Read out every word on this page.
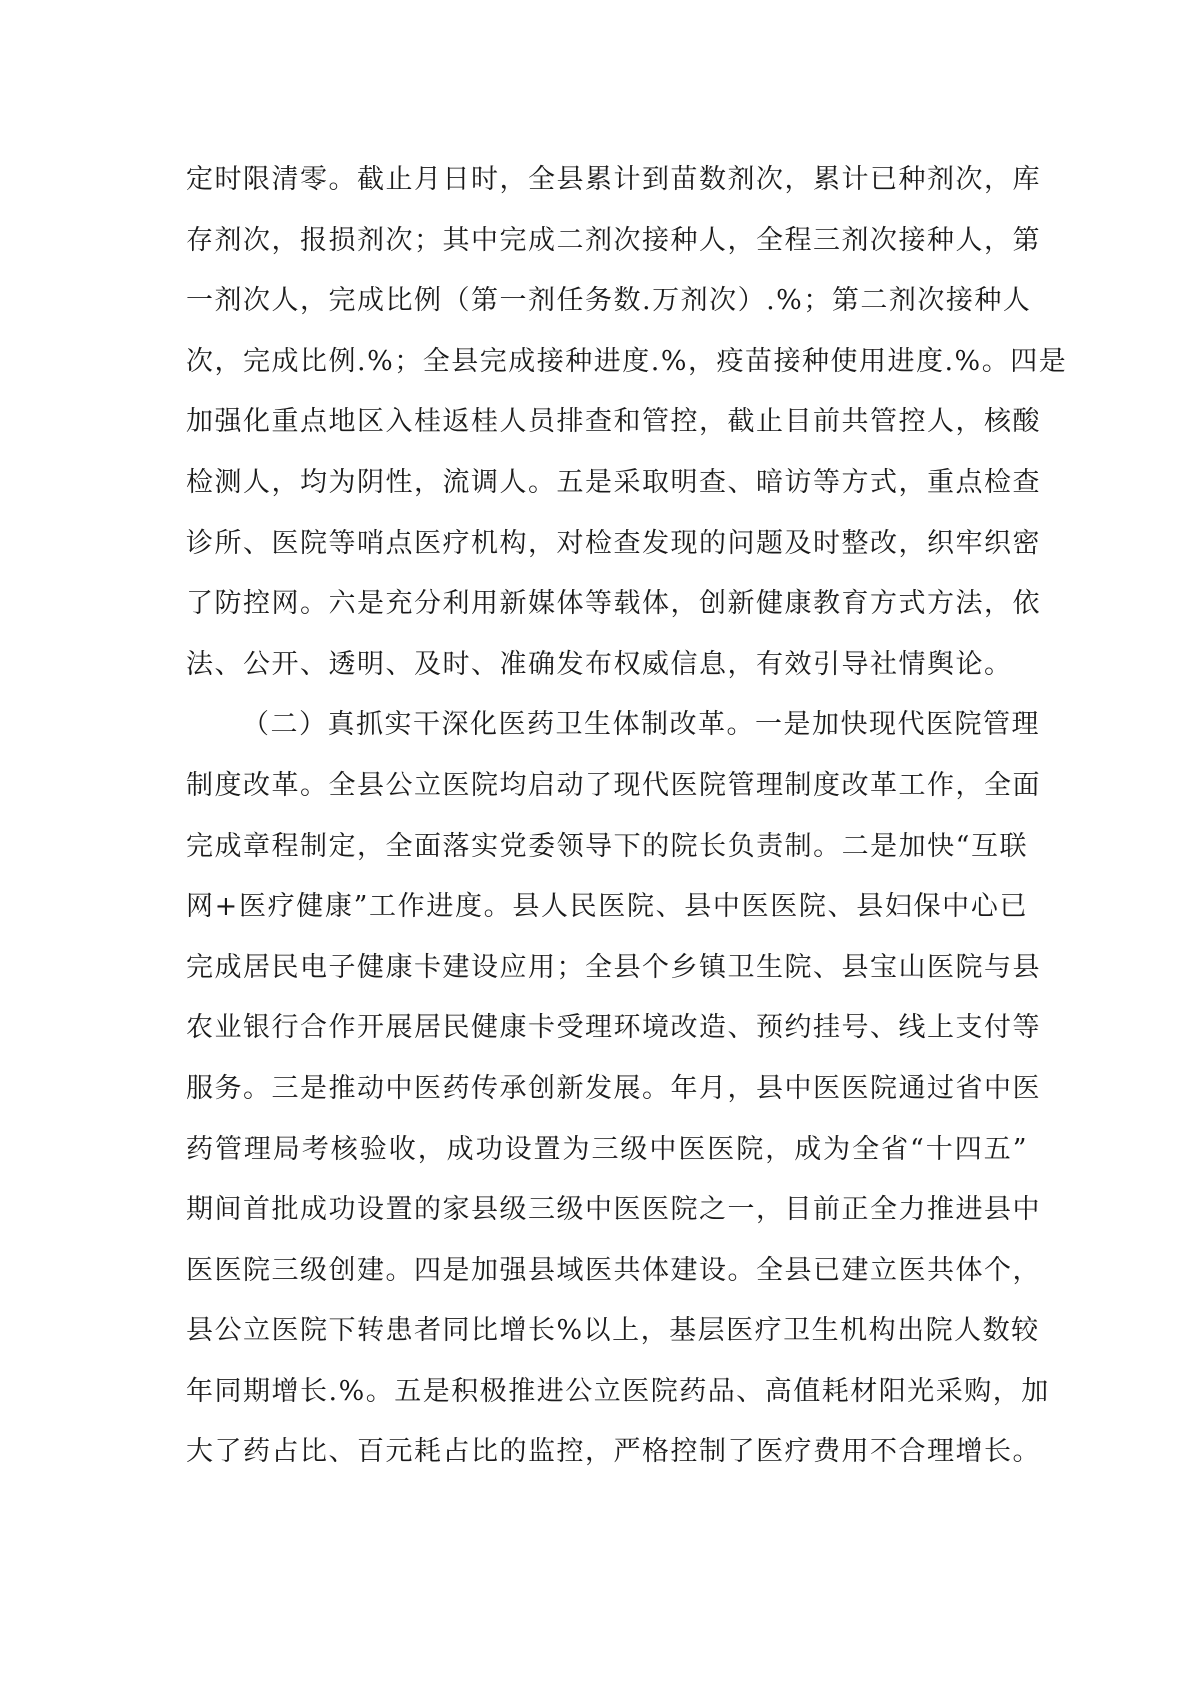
定时限清零。截止月日时，全县累计到苗数剂次，累计已种剂次，库
存剂次，报损剂次；其中完成二剂次接种人，全程三剂次接种人，第
一剂次人，完成比例（第一剂任务数.万剂次）.%；第二剂次接种人
次，完成比例.%；全县完成接种进度.%，疫苗接种使用进度.%。四是
加强化重点地区入桂返桂人员排查和管控，截止目前共管控人，核酸
检测人，均为阴性，流调人。五是采取明查、暗访等方式，重点检查
诊所、医院等哨点医疗机构，对检查发现的问题及时整改，织牢织密
了防控网。六是充分利用新媒体等载体，创新健康教育方式方法，依
法、公开、透明、及时、准确发布权威信息，有效引导社情舆论。
（二）真抓实干深化医药卫生体制改革。一是加快现代医院管理
制度改革。全县公立医院均启动了现代医院管理制度改革工作，全面
完成章程制定，全面落实党委领导下的院长负责制。二是加快“互联
网+医疗健康”工作进度。县人民医院、县中医医院、县妇保中心已
完成居民电子健康卡建设应用；全县个乡镇卫生院、县宝山医院与县
农业银行合作开展居民健康卡受理环境改造、预约挂号、线上支付等
服务。三是推动中医药传承创新发展。年月，县中医医院通过省中医
药管理局考核验收，成功设置为三级中医医院，成为全省“十四五”
期间首批成功设置的家县级三级中医医院之一，目前正全力推进县中
医医院三级创建。四是加强县域医共体建设。全县已建立医共体个，
县公立医院下转患者同比增长%以上，基层医疗卫生机构出院人数较
年同期增长.%。五是积极推进公立医院药品、高值耗材阳光采购，加
大了药占比、百元耗占比的监控，严格控制了医疗费用不合理增长。
